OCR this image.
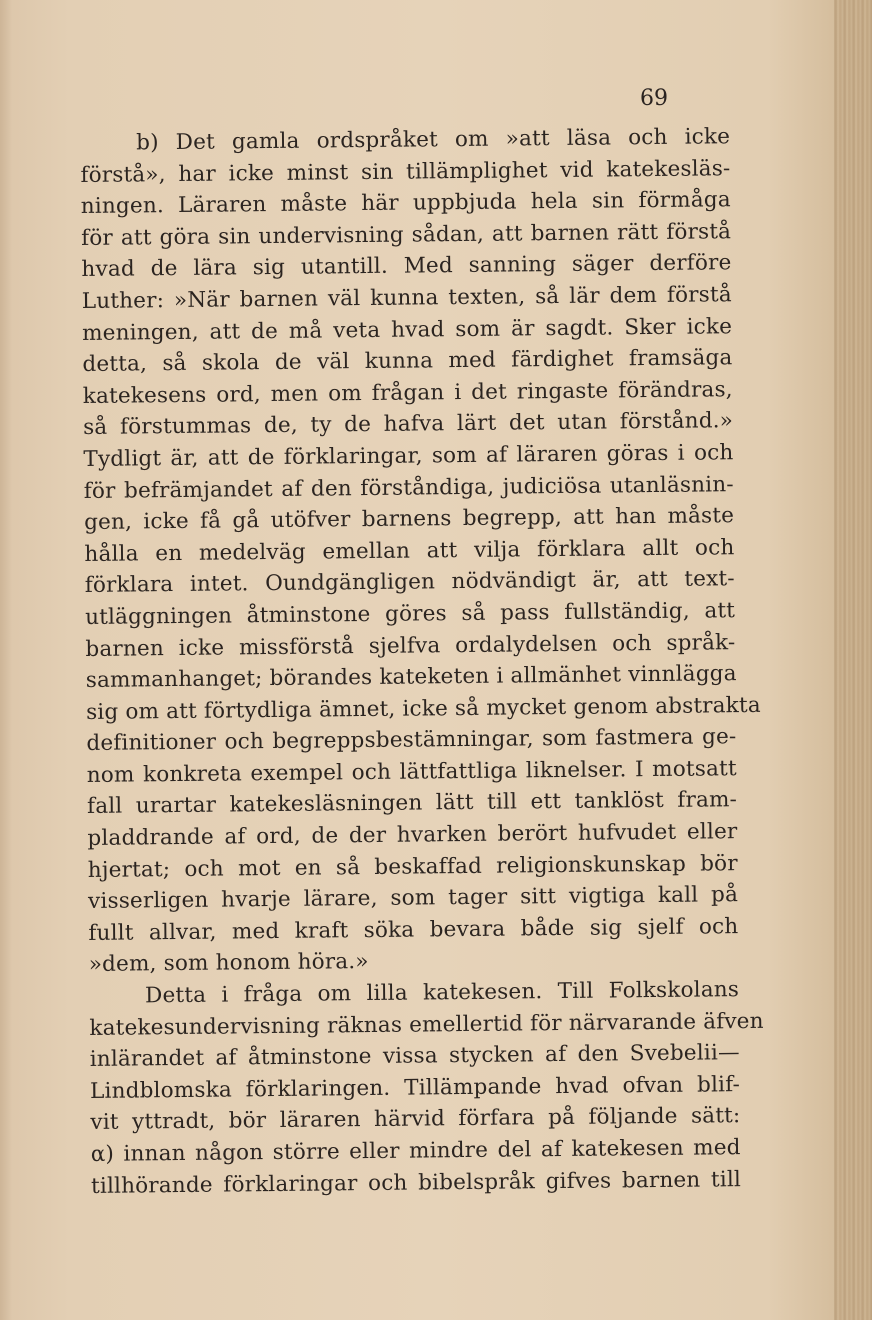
69
b) Det gamla ordspråket om »att läsa och icke
förstå», har icke minst sin tillämplighet vid katekesläs-
ningen. Läraren måste här uppbjuda hela sin förmåga
för att göra sin undervisning sådan, att barnen rätt förstå
hvad de lära sig utantill. Med sanning säger derföre
Luther: »När barnen väl kunna texten, så lär dem förstå
meningen, att de må veta hvad som är sagdt. Sker icke
detta, så skola de väl kunna med färdighet framsäga
katekesens ord, men om frågan i det ringaste förändras,
så förstummas de, ty de hafva lärt det utan förstånd.»
Tydligt är, att de förklaringar, som af läraren göras i och
för befrämjandet af den förståndiga, judiciösa utanläsnin-
gen, icke få gå utöfver barnens begrepp, att han måste
hålla en medelväg emellan att vilja förklara allt och
förklara intet. Oundgängligen nödvändigt är, att text-
utläggningen åtminstone göres så pass fullständig, att
barnen icke missförstå sjelfva ordalydelsen och språk-
sammanhanget; börandes kateketen i allmänhet vinnlägga
sig om att förtydliga ämnet, icke så mycket genom abstrakta
definitioner och begreppsbestämningar, som fastmera ge-
nom konkreta exempel och lättfattliga liknelser. I motsatt
fall urartar katekesläsningen lätt till ett tanklöst fram-
pladdrande af ord, de der hvarken berört hufvudet eller
hjertat; och mot en så beskaffad religionskunskap bör
visserligen hvarje lärare, som tager sitt vigtiga kall på
fullt allvar, med kraft söka bevara både sig sjelf och
»dem, som honom höra.»
Detta i fråga om lilla katekesen. Till Folkskolans
katekesundervisning räknas emellertid för närvarande äfven
inlärandet af åtminstone vissa stycken af den Svebelii—
Lindblomska förklaringen. Tillämpande hvad ofvan blif-
vit yttradt, bör läraren härvid förfara på följande sätt:
α) innan någon större eller mindre del af katekesen med
tillhörande förklaringar och bibelspråk gifves barnen till
